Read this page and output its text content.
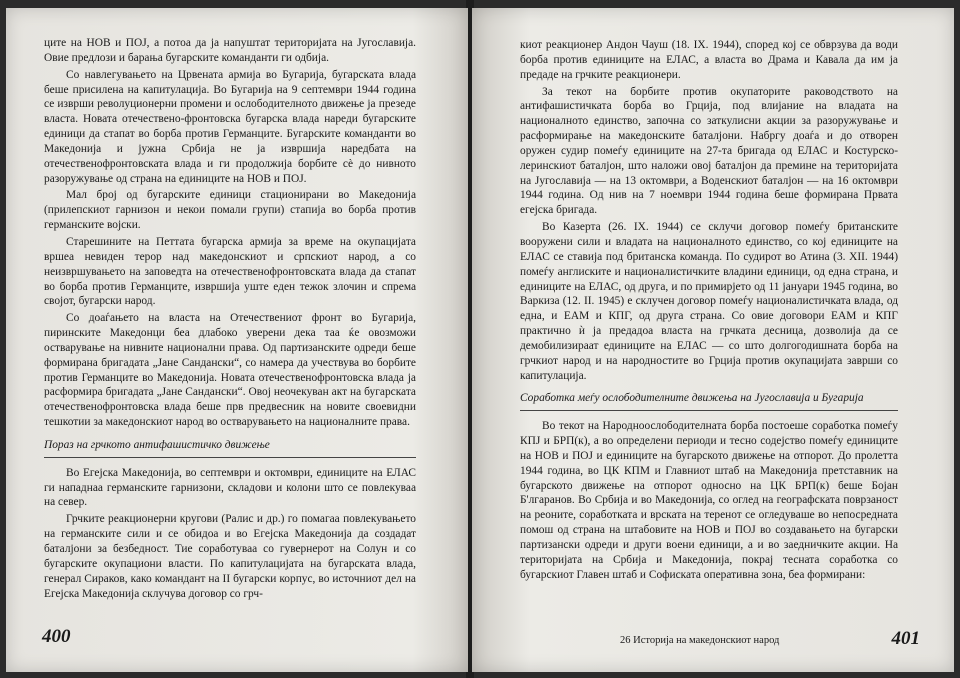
ците на НОВ и ПОЈ, а потоа да ја напуштат територијата на Југославија. Овие предлози и барања бугарските команданти ги одбија.

Со навлегувањето на Црвената армија во Бугарија, бугарската влада беше присилена на капитулација. Во Бугарија на 9 септември 1944 година се изврши револуционерни промени и ослободителното движење ја презеде власта. Новата отечествено-фронтовска бугарска влада нареди бугарските единици да стапат во борба против Германците. Бугарските команданти во Македонија и јужна Србија не ја извршија наредбата на отечественофронтовската влада и ги продолжија борбите сè до нивното разоружување од страна на единиците на НОВ и ПОЈ.

Мал број од бугарските единици стационирани во Македонија (прилепскиот гарнизон и некои помали групи) стапија во борба против германските војски.

Старешините на Петтата бугарска армија за време на окупацијата вршеа невиден терор над македонскиот и српскиот народ, а со неизвршувањето на заповедта на отечественофронтовската влада да стапат во борба против Германците, извршија уште еден тежок злочин и спрема својот, бугарски народ.

Со доаѓањето на власта на Отечествениот фронт во Бугарија, пиринските Македонци беа длабоко уверени дека таа ќе овозможи остварување на нивните национални права. Од партизанските одреди беше формирана бригадата „Јане Сандански“, со намера да учествува во борбите против Германците во Македонија. Новата отечественофронтовска влада ја расформира бригадата „Јане Сандански“. Овој неочекуван акт на бугарската отечественофронтовска влада беше прв предвесник на новите своевидни тешкотии за македонскиот народ во остварувањето на националните права.

Пораз на грчкото антифашистичко движење

Во Егејска Македонија, во септември и октомври, единиците на ЕЛАС ги нападнаа германските гарнизони, складови и колони што се повлекуваа на север.

Грчките реакционерни кругови (Ралис и др.) го помагаа повлекувањето на германските сили и се обидоа и во Егејска Македонија да создадат баталјони за безбедност. Тие соработуваа со гувернерот на Солун и со бугарските окупациони власти. По капитулацијата на бугарската влада, генерал Сираков, како командант на II бугарски корпус, во источниот дел на Егејска Македонија склучува договор со грч-

400

киот реакционер Андон Чауш (18. IX. 1944), според кој се обврзува да води борба против единиците на ЕЛАС, а власта во Драма и Кавала да им ја предаде на грчките реакционери.

За текот на борбите против окупаторите раководството на антифашистичката борба во Грција, под влијание на владата на националното единство, започна со заткулисни акции за разоружување и расформирање на македонските баталјони. Набргу доаѓа и до отворен оружен судир помеѓу единиците на 27-та бригада од ЕЛАС и Костурско-леринскиот баталјон, што наложи овој баталјон да премине на територијата на Југославија — на 13 октомври, а Воденскиот баталјон — на 16 октомври 1944 година. Од нив на 7 ноември 1944 година беше формирана Првата егејска бригада.

Во Казерта (26. IX. 1944) се склучи договор помеѓу британските вооружени сили и владата на националното единство, со кој единиците на ЕЛАС се ставија под британска команда. По судирот во Атина (3. XII. 1944) помеѓу англиските и националистичките владини единици, од една страна, и единиците на ЕЛАС, од друга, и по примирјето од 11 јануари 1945 година, во Варкиза (12. II. 1945) е склучен договор помеѓу националистичката влада, од една, и ЕАМ и КПГ, од друга страна. Со овие договори ЕАМ и КПГ практично ѝ ја предадоа власта на грчката десница, дозволија да се демобилизираат единиците на ЕЛАС — со што долгогодишната борба на грчкиот народ и на народностите во Грција против окупацијата заврши со капитулација.

Соработка меѓу ослободителните движења на Југославија и Бугарија

Во текот на Народноослободителната борба постоеше соработка помеѓу КПЈ и БРП(к), а во определени периоди и тесно содејство помеѓу единиците на НОВ и ПОЈ и единиците на бугарското движење на отпорот. До пролетта 1944 година, во ЦК КПМ и Главниот штаб на Македонија претставник на бугарското движење на отпорот односно на ЦК БРП(к) беше Бојан Б'лгаранов. Во Србија и во Македонија, со оглед на географската поврзаност на реоните, соработката и врската на теренот се огледуваше во непосредната помош од страна на штабовите на НОВ и ПОЈ во создавањето на бугарски партизански одреди и други воени единици, а и во заедничките акции. На територијата на Србија и Македонија, покрај тесната соработка со бугарскиот Главен штаб и Софиската оперативна зона, беа формирани:

26 Историја на македонскиот народ	401
